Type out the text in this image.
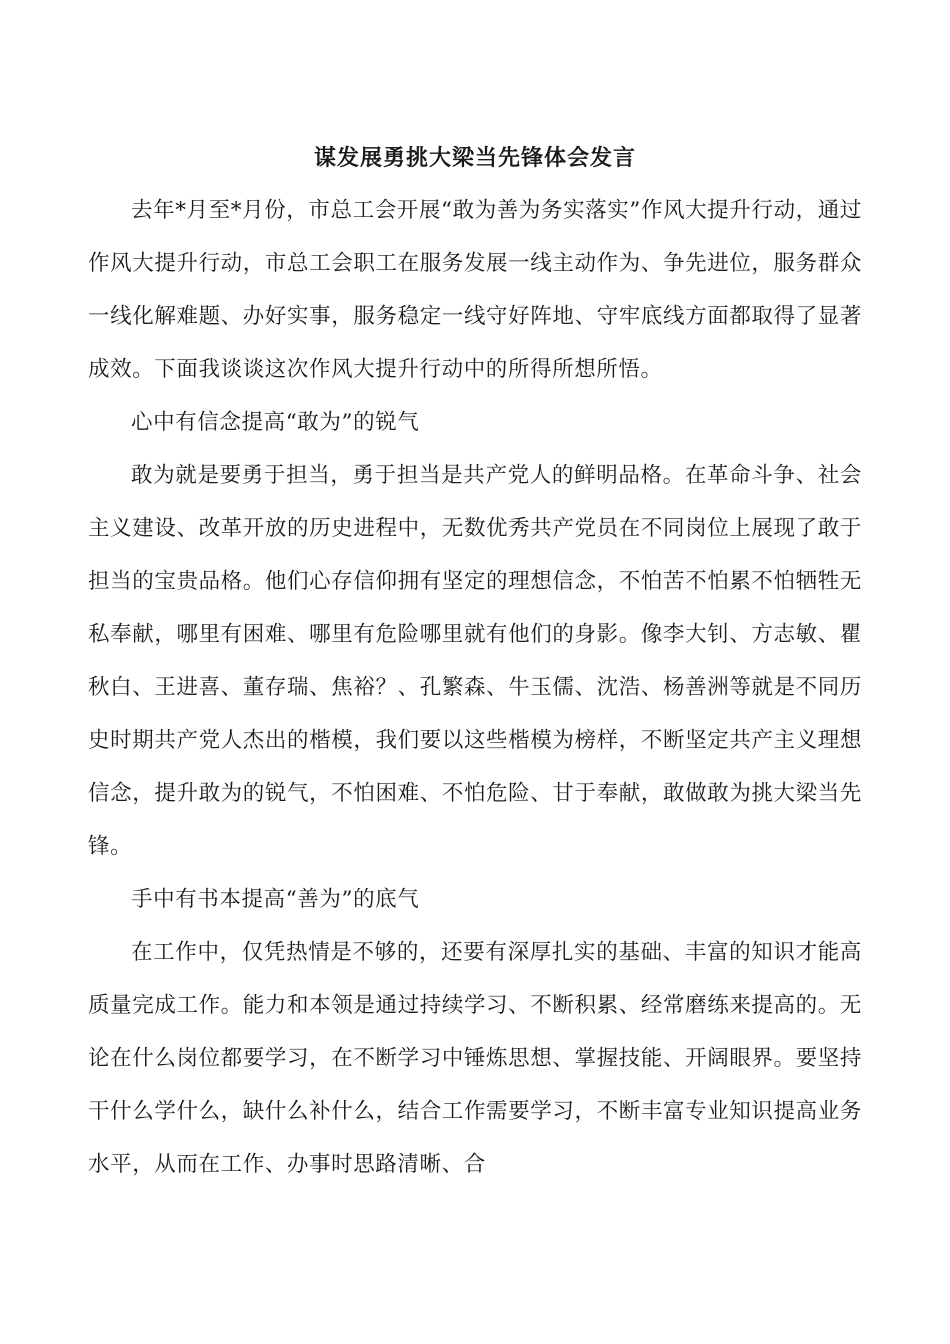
谋发展勇挑大梁当先锋体会发言

去年*月至*月份，市总工会开展“敢为善为务实落实”作风大提升行动，通过作风大提升行动，市总工会职工在服务发展一线主动作为、争先进位，服务群众一线化解难题、办好实事，服务稳定一线守好阵地、守牢底线方面都取得了显著成效。下面我谈谈这次作风大提升行动中的所得所想所悟。

心中有信念提高“敢为”的锐气

敢为就是要勇于担当，勇于担当是共产党人的鲜明品格。在革命斗争、社会主义建设、改革开放的历史进程中，无数优秀共产党员在不同岗位上展现了敢于担当的宝贵品格。他们心存信仰拥有坚定的理想信念，不怕苦不怕累不怕牺牲无私奉献，哪里有困难、哪里有危险哪里就有他们的身影。像李大钊、方志敏、瞿秋白、王进喜、董存瑞、焦裕？、孔繁森、牛玉儒、沈浩、杨善洲等就是不同历史时期共产党人杰出的楷模，我们要以这些楷模为榜样，不断坚定共产主义理想信念，提升敢为的锐气，不怕困难、不怕危险、甘于奉献，敢做敢为挑大梁当先锋。

手中有书本提高“善为”的底气

在工作中，仅凭热情是不够的，还要有深厚扎实的基础、丰富的知识才能高质量完成工作。能力和本领是通过持续学习、不断积累、经常磨练来提高的。无论在什么岗位都要学习，在不断学习中锤炼思想、掌握技能、开阔眼界。要坚持干什么学什么，缺什么补什么，结合工作需要学习，不断丰富专业知识提高业务水平，从而在工作、办事时思路清晰、合
